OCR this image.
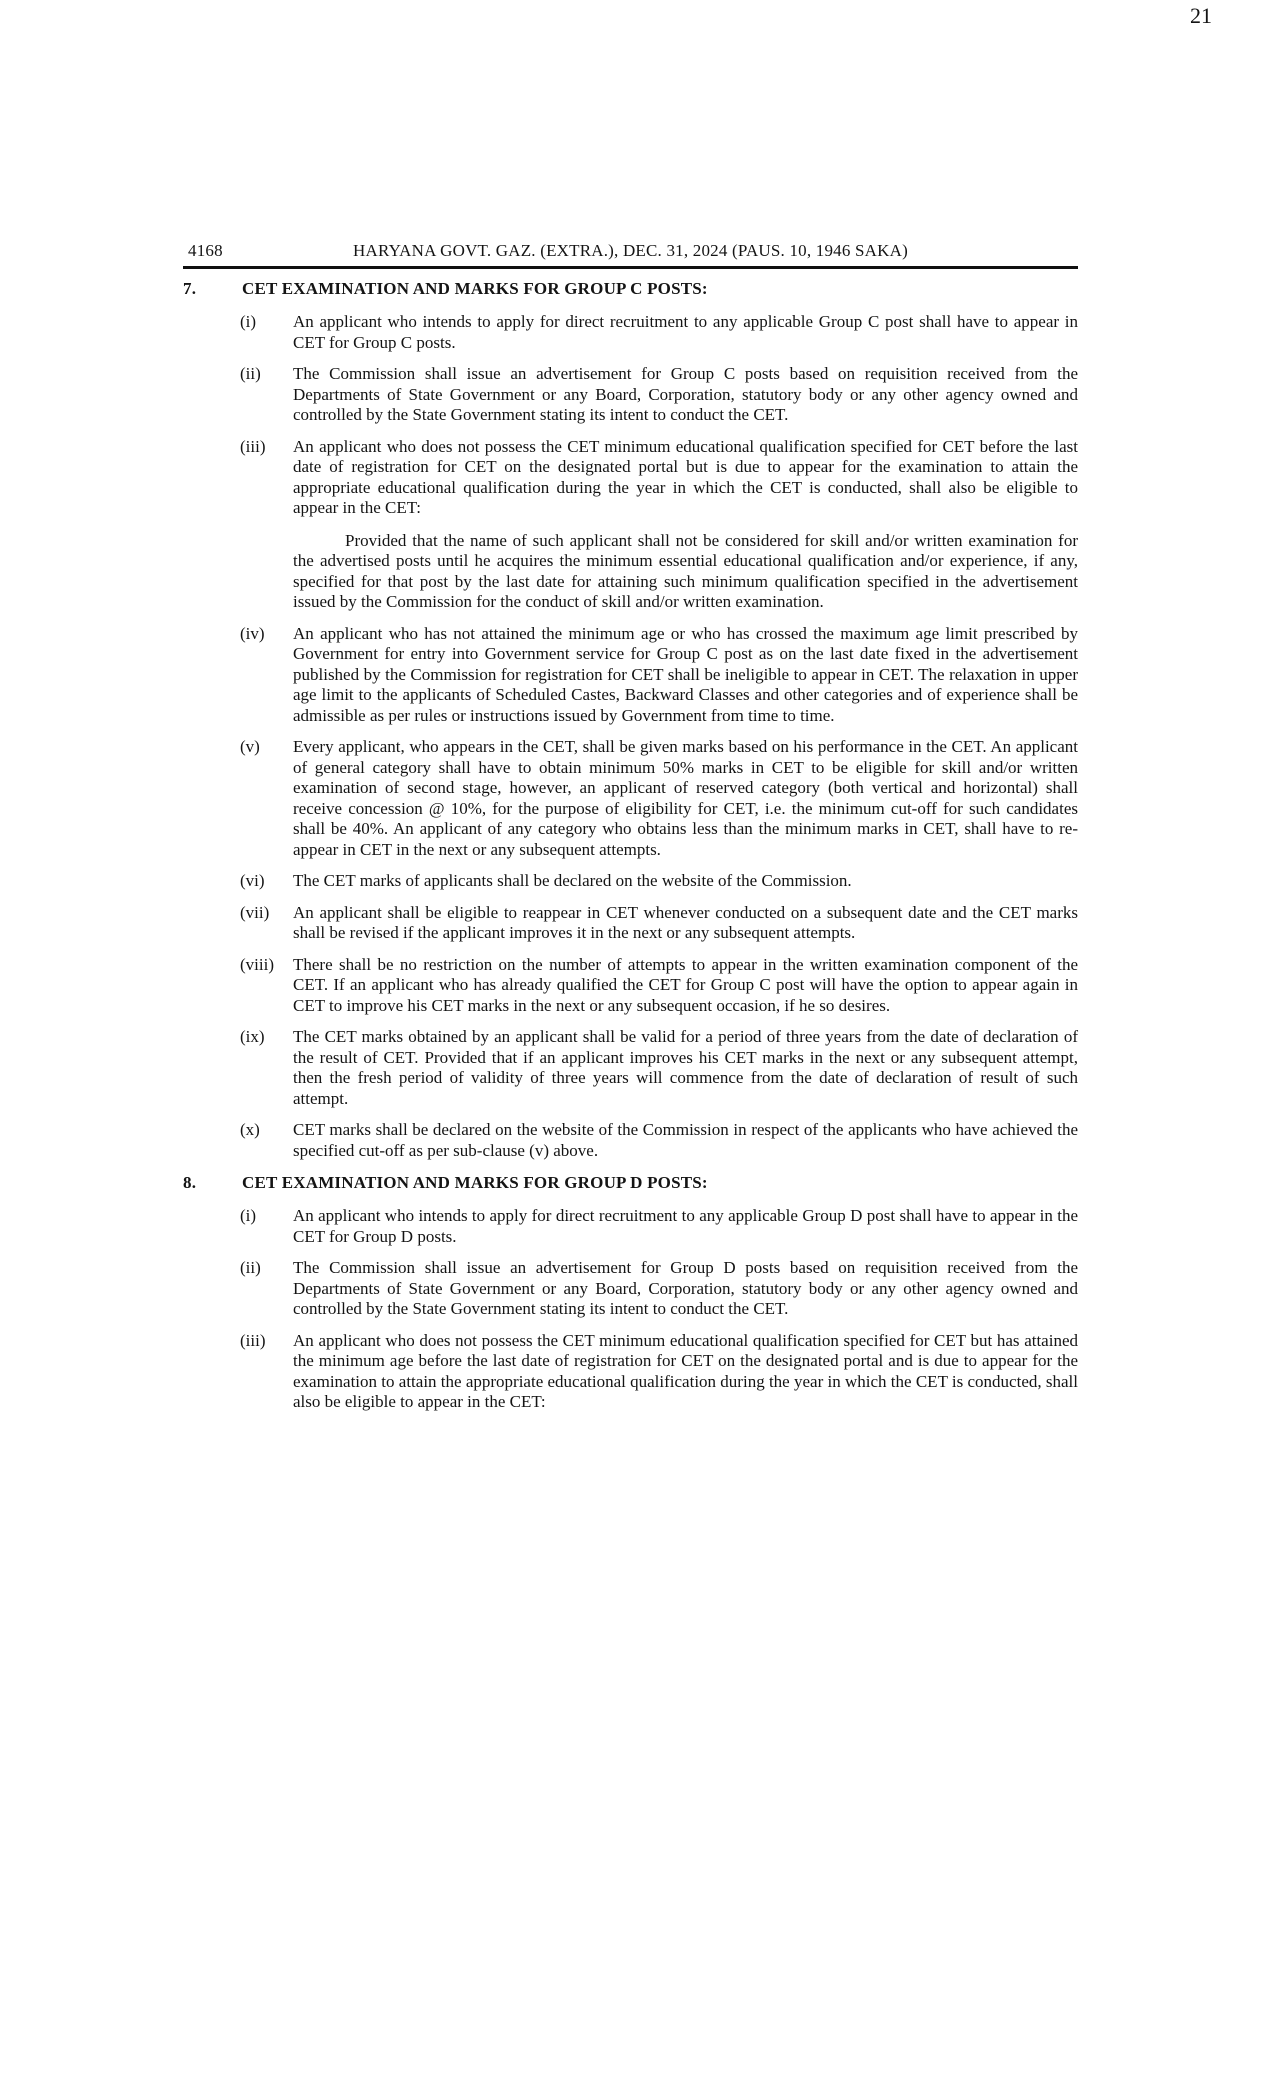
21
4168	HARYANA GOVT. GAZ. (EXTRA.), DEC. 31, 2024 (PAUS. 10, 1946 SAKA)
7.	CET EXAMINATION AND MARKS FOR GROUP C POSTS:
(i)	An applicant who intends to apply for direct recruitment to any applicable Group C post shall have to appear in CET for Group C posts.

(ii)	The Commission shall issue an advertisement for Group C posts based on requisition received from the Departments of State Government or any Board, Corporation, statutory body or any other agency owned and controlled by the State Government stating its intent to conduct the CET.

(iii)	An applicant who does not possess the CET minimum educational qualification specified for CET before the last date of registration for CET on the designated portal but is due to appear for the examination to attain the appropriate educational qualification during the year in which the CET is conducted, shall also be eligible to appear in the CET:

Provided that the name of such applicant shall not be considered for skill and/or written examination for the advertised posts until he acquires the minimum essential educational qualification and/or experience, if any, specified for that post by the last date for attaining such minimum qualification specified in the advertisement issued by the Commission for the conduct of skill and/or written examination.

(iv)	An applicant who has not attained the minimum age or who has crossed the maximum age limit prescribed by Government for entry into Government service for Group C post as on the last date fixed in the advertisement published by the Commission for registration for CET shall be ineligible to appear in CET. The relaxation in upper age limit to the applicants of Scheduled Castes, Backward Classes and other categories and of experience shall be admissible as per rules or instructions issued by Government from time to time.

(v)	Every applicant, who appears in the CET, shall be given marks based on his performance in the CET. An applicant of general category shall have to obtain minimum 50% marks in CET to be eligible for skill and/or written examination of second stage, however, an applicant of reserved category (both vertical and horizontal) shall receive concession @ 10%, for the purpose of eligibility for CET, i.e. the minimum cut-off for such candidates shall be 40%. An applicant of any category who obtains less than the minimum marks in CET, shall have to re-appear in CET in the next or any subsequent attempts.

(vi)	The CET marks of applicants shall be declared on the website of the Commission.

(vii)	An applicant shall be eligible to reappear in CET whenever conducted on a subsequent date and the CET marks shall be revised if the applicant improves it in the next or any subsequent attempts.

(viii)	There shall be no restriction on the number of attempts to appear in the written examination component of the CET. If an applicant who has already qualified the CET for Group C post will have the option to appear again in CET to improve his CET marks in the next or any subsequent occasion, if he so desires.

(ix)	The CET marks obtained by an applicant shall be valid for a period of three years from the date of declaration of the result of CET. Provided that if an applicant improves his CET marks in the next or any subsequent attempt, then the fresh period of validity of three years will commence from the date of declaration of result of such attempt.

(x)	CET marks shall be declared on the website of the Commission in respect of the applicants who have achieved the specified cut-off as per sub-clause (v) above.

8.	CET EXAMINATION AND MARKS FOR GROUP D POSTS:
(i)	An applicant who intends to apply for direct recruitment to any applicable Group D post shall have to appear in the CET for Group D posts.

(ii)	The Commission shall issue an advertisement for Group D posts based on requisition received from the Departments of State Government or any Board, Corporation, statutory body or any other agency owned and controlled by the State Government stating its intent to conduct the CET.

(iii)	An applicant who does not possess the CET minimum educational qualification specified for CET but has attained the minimum age before the last date of registration for CET on the designated portal and is due to appear for the examination to attain the appropriate educational qualification during the year in which the CET is conducted, shall also be eligible to appear in the CET:
